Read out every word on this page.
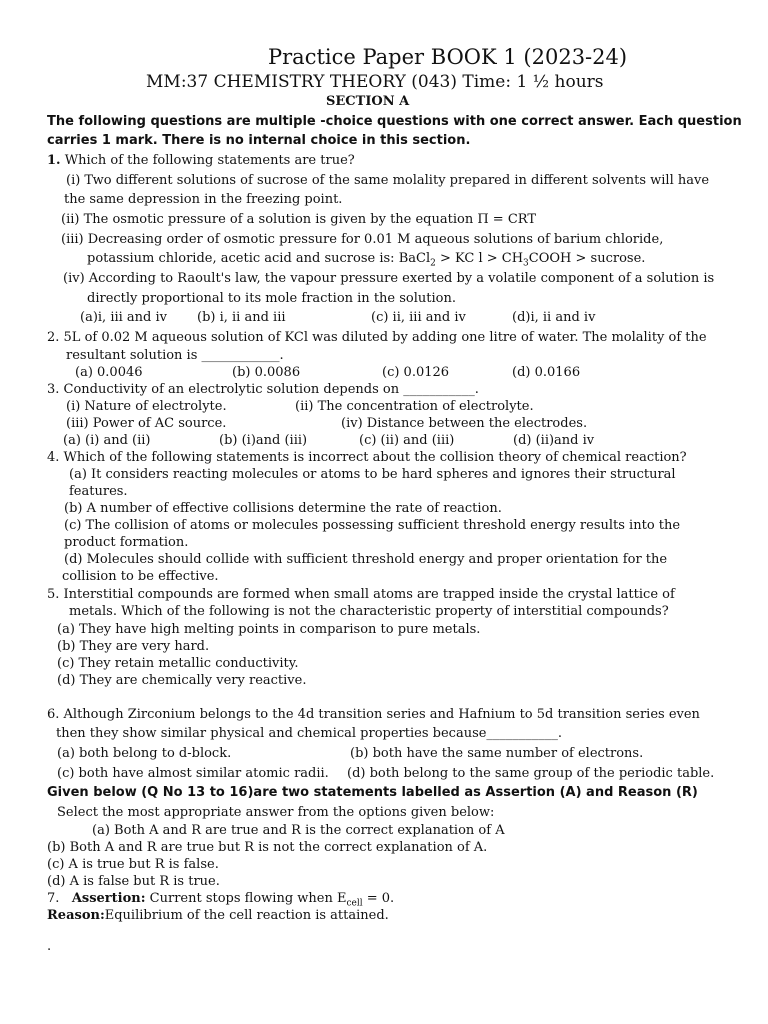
Practice Paper BOOK 1 (2023-24)
MM:37 CHEMISTRY THEORY (043) Time: 1 ½ hours
SECTION A
The following questions are multiple -choice questions with one correct answer. Each question
carries 1 mark. There is no internal choice in this section.
1. Which of the following statements are true?
(i) Two different solutions of sucrose of the same molality prepared in different solvents will have
the same depression in the freezing point.
(ii) The osmotic pressure of a solution is given by the equation Π = CRT
(iii) Decreasing order of osmotic pressure for 0.01 M aqueous solutions of barium chloride,
potassium chloride, acetic acid and sucrose is: BaCl$_2$ > KC $l > CH_3COOH$ > sucrose.
(iv) According to Raoult's law, the vapour pressure exerted by a volatile component of a solution is
directly proportional to its mole fraction in the solution.
(a)i, iii and iv (b) i, ii and iii	(c) ii, iii and iv	(d)i, ii and iv
2. 5L of 0.02 M aqueous solution of KCl was diluted by adding one litre of water. The molality of the
resultant solution is ____________.
(a) 0.0046	(b) 0.0086	(c) 0.0126	(d) 0.0166
3. Conductivity of an electrolytic solution depends on ___________.
(i) Nature of electrolyte.	(ii) The concentration of electrolyte.
(iii) Power of AC source.	(iv) Distance between the electrodes.
(a) (i) and (ii)	(b) (i)and (iii)	(c) (ii) and (iii)	(d) (ii)and iv
4. Which of the following statements is incorrect about the collision theory of chemical reaction?
(a) It considers reacting molecules or atoms to be hard spheres and ignores their structural
features.
(b) A number of effective collisions determine the rate of reaction.
(c) The collision of atoms or molecules possessing sufficient threshold energy results into the
product formation.
(d) Molecules should collide with sufficient threshold energy and proper orientation for the
collision to be effective.
5. Interstitial compounds are formed when small atoms are trapped inside the crystal lattice of
metals. Which of the following is not the characteristic property of interstitial compounds?
(a) They have high melting points in comparison to pure metals.
(b) They are very hard.
(c) They retain metallic conductivity.
(d) They are chemically very reactive.
6. Although Zirconium belongs to the 4d transition series and Hafnium to 5d transition series even
then they show similar physical and chemical properties because___________.
(a) both belong to d-block.	(b) both have the same number of electrons.
(c) both have almost similar atomic radii. (d) both belong to the same group of the periodic table.
Given below (Q No 13 to 16)are two statements labelled as Assertion (A) and Reason (R)
Select the most appropriate answer from the options given below:
(a) Both A and R are true and R is the correct explanation of A
(b) Both A and R are true but R is not the correct explanation of A.
(c) A is true but R is false.
(d) A is false but R is true.
7. Assertion: Current stops flowing when $E_{cell} = 0$.
Reason:Equilibrium of the cell reaction is attained.
.
